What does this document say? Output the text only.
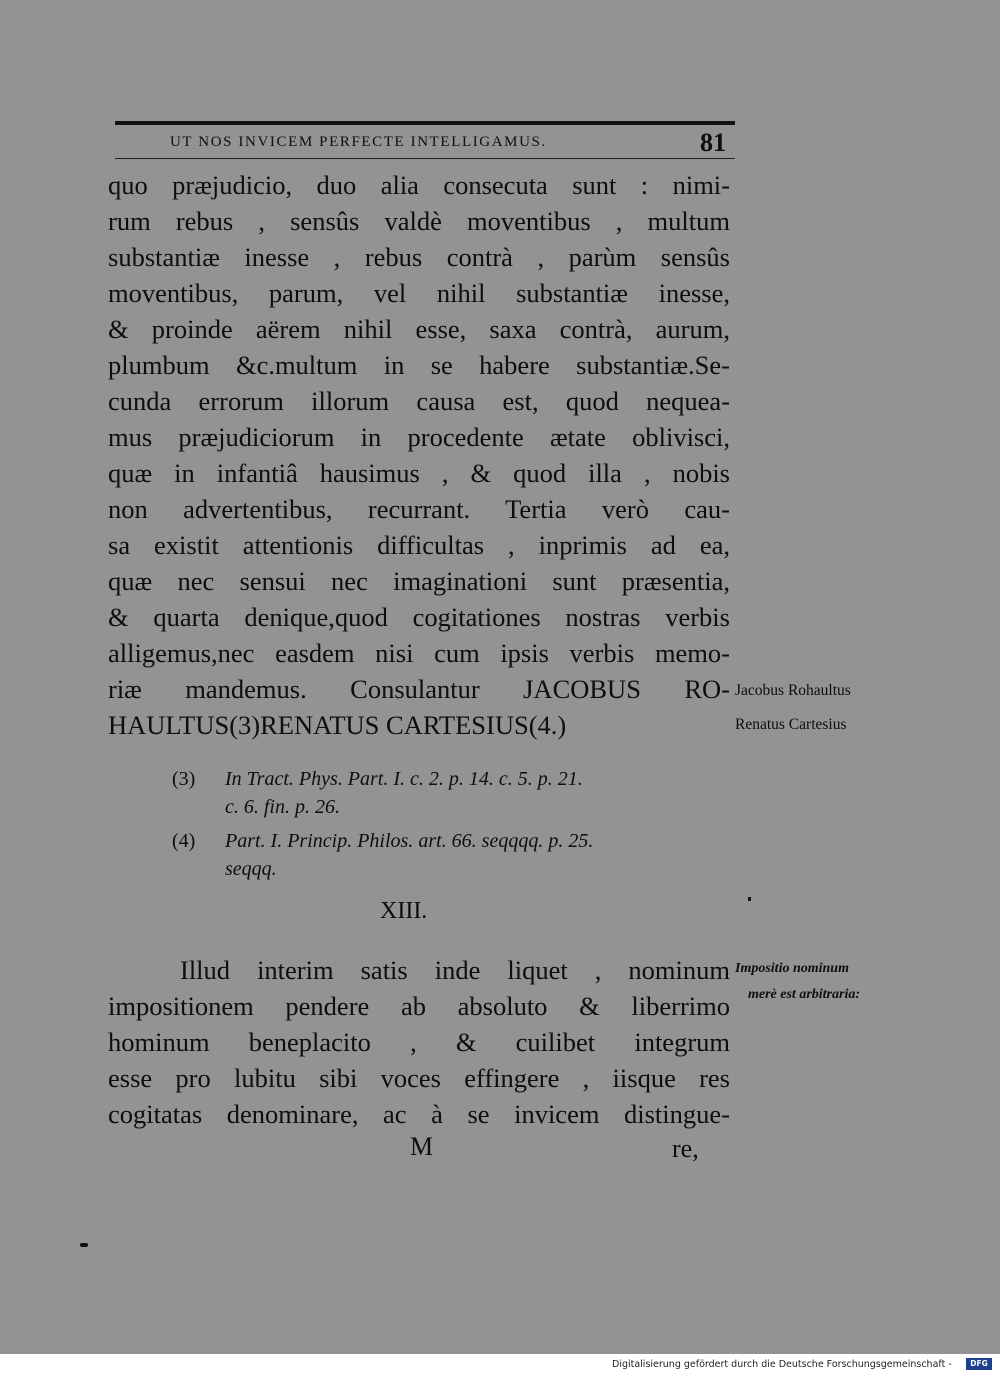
UT NOS INVICEM PERFECTE INTELLIGAMUS.	81
quo præjudicio, duo alia consecuta sunt : nimi-
rum rebus , sensûs valdè moventibus , multum
substantiæ inesse , rebus contrà , parùm sensûs
moventibus, parum, vel nihil substantiæ inesse,
& proinde aërem nihil esse, saxa contrà, aurum,
plumbum &c.multum in se habere substantiæ.Se-
cunda errorum illorum causa est, quod nequea-
mus præjudiciorum in procedente ætate oblivisci,
quæ in infantiâ hausimus , & quod illa , nobis
non advertentibus, recurrant. Tertia verò cau-
sa existit attentionis difficultas , inprimis ad ea,
quæ nec sensui nec imaginationi sunt præsentia,
& quarta denique,quod cogitationes nostras verbis
alligemus,nec easdem nisi cum ipsis verbis memo-
riæ mandemus. Consulantur JACOBUS RO-
HAULTUS(3)RENATUS CARTESIUS(4.)
Jacobus Rohaultus
Renatus Cartesius
(3) In Tract. Phys. Part. I. c. 2. p. 14. c. 5. p. 21.
c. 6. fin. p. 26.
(4) Part. I. Princip. Philos. art. 66. seqqqq. p. 25.
seqqq.
XIII.
Illud interim satis inde liquet , nominum
impositionem pendere ab absoluto & liberrimo
hominum beneplacito , & cuilibet integrum
esse pro lubitu sibi voces effingere , iisque res
cogitatas denominare, ac à se invicem distingue-
Impositio nominum
merè est arbitraria:
M	re,
Digitalisierung gefördert durch die Deutsche Forschungsgemeinschaft -	DFG
